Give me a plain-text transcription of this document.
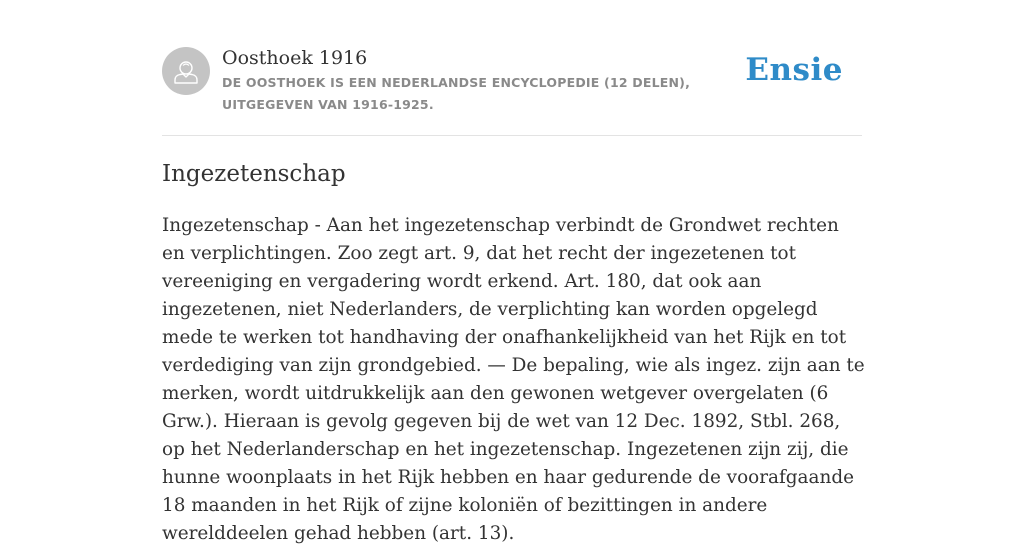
Oosthoek 1916
DE OOSTHOEK IS EEN NEDERLANDSE ENCYCLOPEDIE (12 DELEN), UITGEGEVEN VAN 1916-1925.
Ensie
Ingezetenschap

Ingezetenschap - Aan het ingezetenschap verbindt de Grondwet rechten en verplichtingen. Zoo zegt art. 9, dat het recht der ingezetenen tot vereeniging en vergadering wordt erkend. Art. 180, dat ook aan ingezetenen, niet Nederlanders, de verplichting kan worden opgelegd mede te werken tot handhaving der onafhankelijkheid van het Rijk en tot verdediging van zijn grondgebied. — De bepaling, wie als ingez. zijn aan te merken, wordt uitdrukkelijk aan den gewonen wetgever overgelaten (6 Grw.). Hieraan is gevolg gegeven bij de wet van 12 Dec. 1892, Stbl. 268, op het Nederlanderschap en het ingezetenschap. Ingezetenen zijn zij, die hunne woonplaats in het Rijk hebben en haar gedurende de voorafgaande 18 maanden in het Rijk of zijne koloniën of bezittingen in andere werelddeelen gehad hebben (art. 13).
